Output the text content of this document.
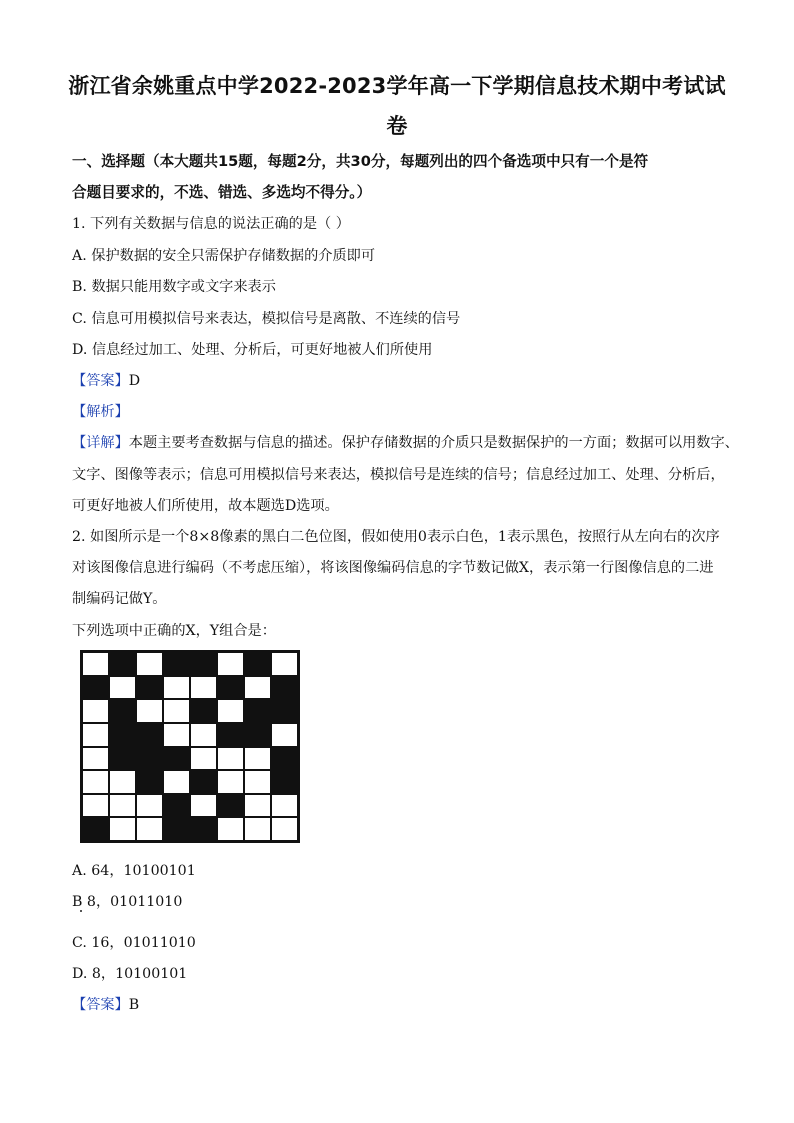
浙江省余姚重点中学2022-2023学年高一下学期信息技术期中考试试
卷
一、选择题（本大题共15题，每题2分，共30分，每题列出的四个备选项中只有一个是符
合题目要求的，不选、错选、多选均不得分。）
1. 下列有关数据与信息的说法正确的是（ ）
A. 保护数据的安全只需保护存储数据的介质即可
B. 数据只能用数字或文字来表示
C. 信息可用模拟信号来表达，模拟信号是离散、不连续的信号
D. 信息经过加工、处理、分析后，可更好地被人们所使用
【答案】D
【解析】
【详解】本题主要考查数据与信息的描述。保护存储数据的介质只是数据保护的一方面；数据可以用数字、
文字、图像等表示；信息可用模拟信号来表达，模拟信号是连续的信号；信息经过加工、处理、分析后，
可更好地被人们所使用，故本题选D选项。
2. 如图所示是一个8×8像素的黑白二色位图，假如使用0表示白色，1表示黑色，按照行从左向右的次序
对该图像信息进行编码（不考虑压缩），将该图像编码信息的字节数记做X，表示第一行图像信息的二进
制编码记做Y。
下列选项中正确的X，Y组合是：
A. 64，10100101
B 8，01011010
C. 16，01011010
D. 8，10100101
【答案】B
